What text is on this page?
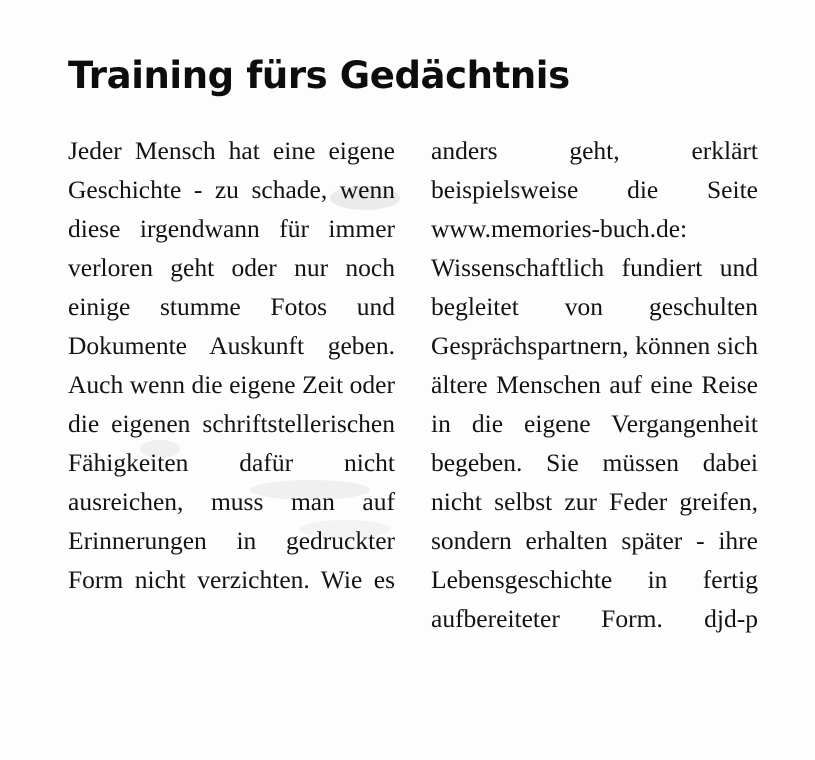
Training fürs Gedächtnis

Jeder Mensch hat eine eigene Geschichte - zu schade, wenn diese irgendwann für immer verloren geht oder nur noch einige stumme Fotos und Dokumente Auskunft geben. Auch wenn die eigene Zeit oder die eigenen schriftstellerischen Fähigkeiten dafür nicht ausreichen, muss man auf Erinnerungen in gedruckter Form nicht verzichten. Wie es

anders geht, erklärt beispielsweise die Seite www.memories-buch.de: Wissenschaftlich fundiert und begleitet von geschulten Gesprächspartnern, können sich ältere Menschen auf eine Reise in die eigene Vergangenheit begeben. Sie müssen dabei nicht selbst zur Feder greifen, sondern erhalten später - ihre Lebensgeschichte in fertig aufbereiteter Form. djd-p
